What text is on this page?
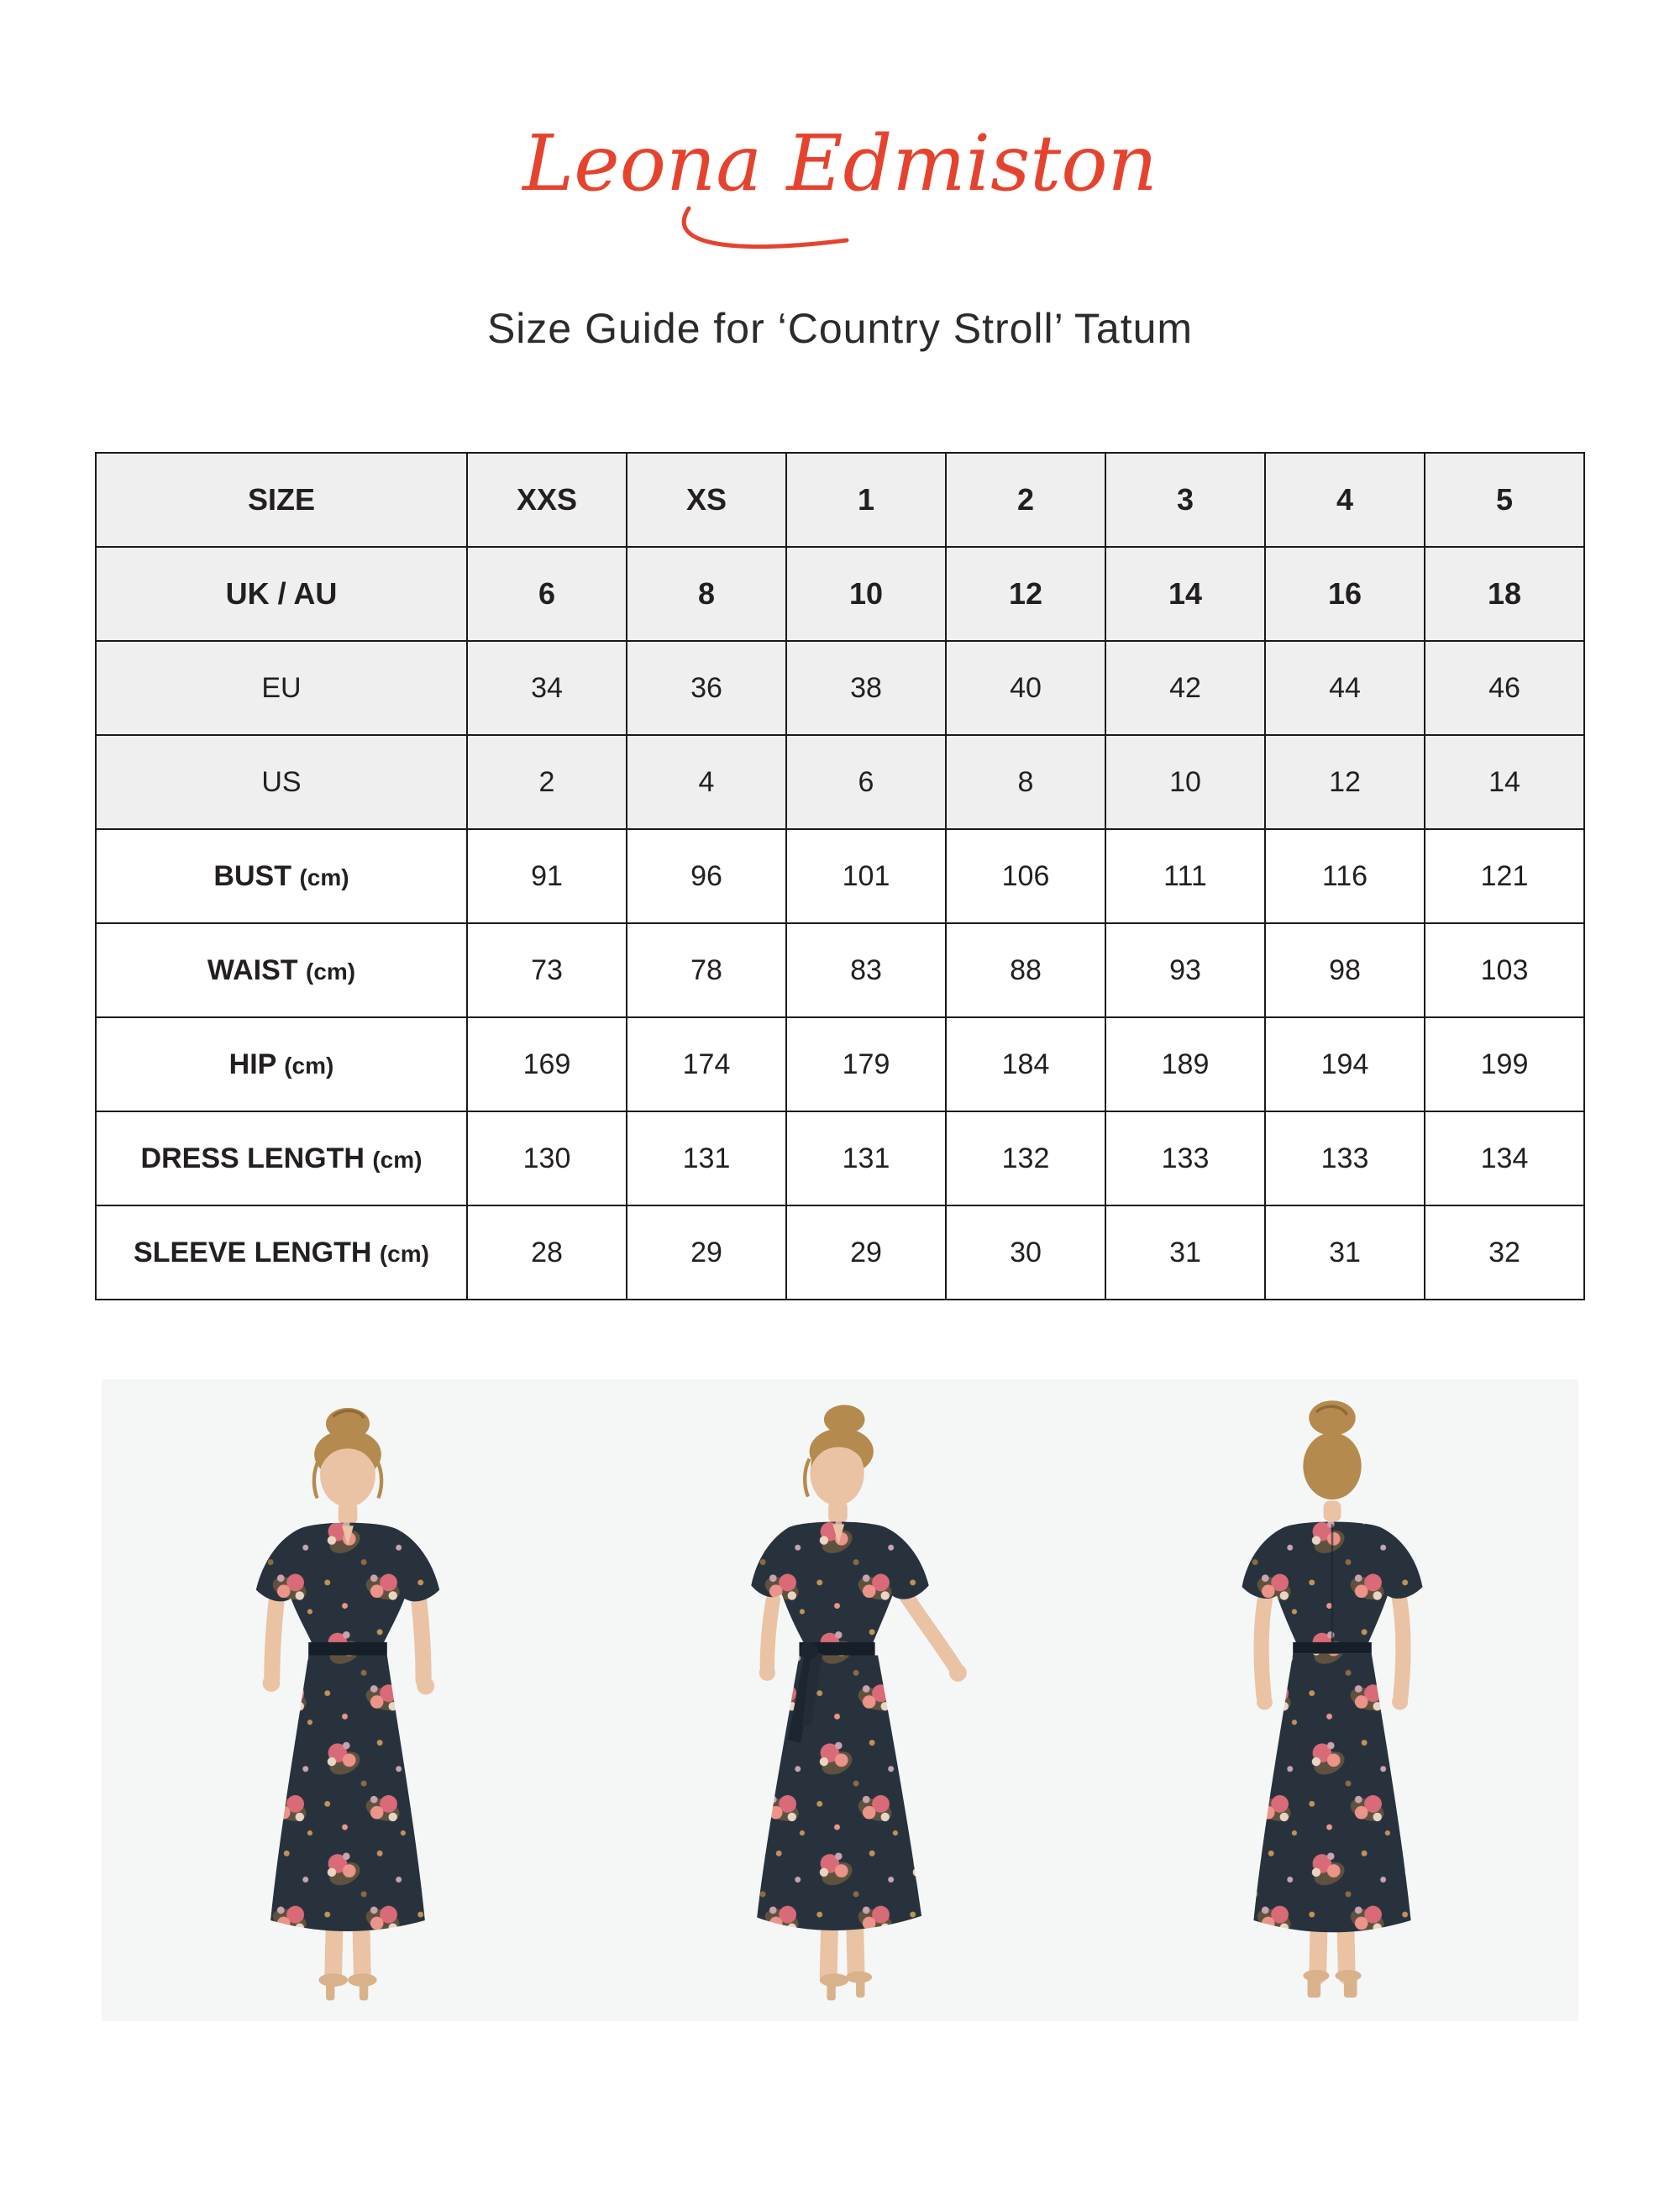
Leona Edmiston
Size Guide for ‘Country Stroll’ Tatum
SIZE	XXS	XS	1	2	3	4	5
UK / AU	6	8	10	12	14	16	18
EU	34	36	38	40	42	44	46
US	2	4	6	8	10	12	14
BUST (cm)	91	96	101	106	111	116	121
WAIST (cm)	73	78	83	88	93	98	103
HIP (cm)	169	174	179	184	189	194	199
DRESS LENGTH (cm)	130	131	131	132	133	133	134
SLEEVE LENGTH (cm)	28	29	29	30	31	31	32
